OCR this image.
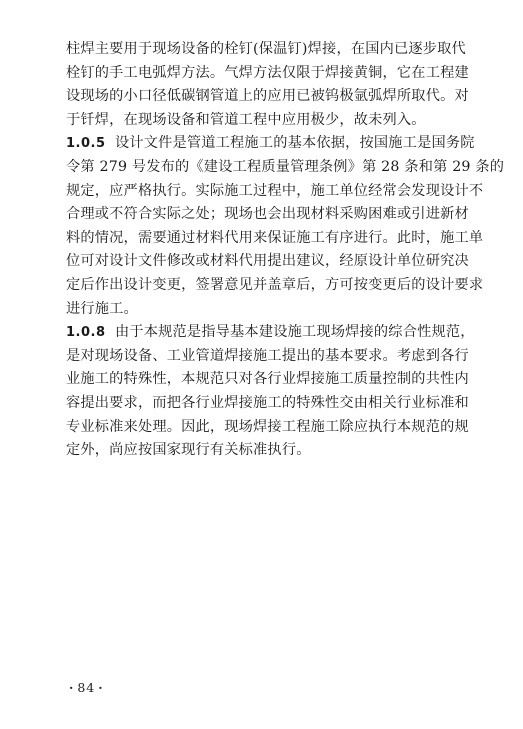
柱焊主要用于现场设备的栓钉(保温钉)焊接，在国内已逐步取代
栓钉的手工电弧焊方法。气焊方法仅限于焊接黄铜，它在工程建
设现场的小口径低碳钢管道上的应用已被钨极氩弧焊所取代。对
于钎焊，在现场设备和管道工程中应用极少，故未列入。
1.0.5 设计文件是管道工程施工的基本依据，按国施工是国务院
令第 279 号发布的《建设工程质量管理条例》第 28 条和第 29 条的
规定，应严格执行。实际施工过程中，施工单位经常会发现设计不
合理或不符合实际之处；现场也会出现材料采购困难或引进新材
料的情况，需要通过材料代用来保证施工有序进行。此时，施工单
位可对设计文件修改或材料代用提出建议，经原设计单位研究决
定后作出设计变更，签署意见并盖章后，方可按变更后的设计要求
进行施工。
1.0.8 由于本规范是指导基本建设施工现场焊接的综合性规范，
是对现场设备、工业管道焊接施工提出的基本要求。考虑到各行
业施工的特殊性，本规范只对各行业焊接施工质量控制的共性内
容提出要求，而把各行业焊接施工的特殊性交由相关行业标准和
专业标准来处理。因此，现场焊接工程施工除应执行本规范的规
定外，尚应按国家现行有关标准执行。
· 84 ·
